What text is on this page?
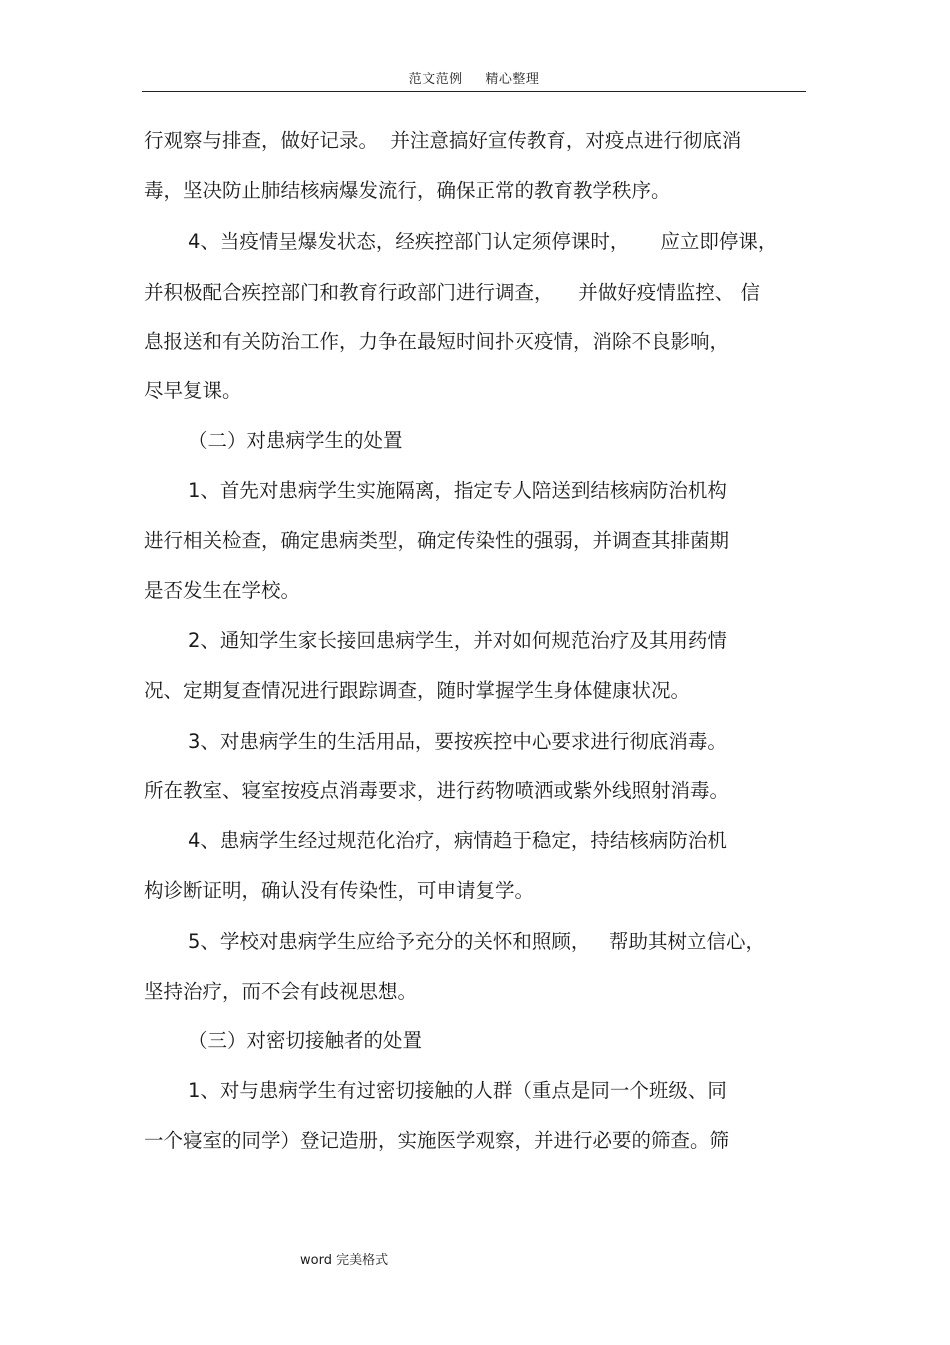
范文范例 精心整理
行观察与排查，做好记录。  并注意搞好宣传教育，对疫点进行彻底消
毒，坚决防止肺结核病爆发流行，确保正常的教育教学秩序。
4、当疫情呈爆发状态，经疾控部门认定须停课时，     应立即停课，
并积极配合疾控部门和教育行政部门进行调查，    并做好疫情监控、 信
息报送和有关防治工作，力争在最短时间扑灭疫情，消除不良影响，
尽早复课。
（二）对患病学生的处置
1、首先对患病学生实施隔离，指定专人陪送到结核病防治机构
进行相关检查，确定患病类型，确定传染性的强弱，并调查其排菌期
是否发生在学校。
2、通知学生家长接回患病学生，并对如何规范治疗及其用药情
况、定期复查情况进行跟踪调查，随时掌握学生身体健康状况。
3、对患病学生的生活用品，要按疾控中心要求进行彻底消毒。
所在教室、寝室按疫点消毒要求，进行药物喷洒或紫外线照射消毒。
4、患病学生经过规范化治疗，病情趋于稳定，持结核病防治机
构诊断证明，确认没有传染性，可申请复学。
5、学校对患病学生应给予充分的关怀和照顾，   帮助其树立信心，
坚持治疗，而不会有歧视思想。
（三）对密切接触者的处置
1、对与患病学生有过密切接触的人群（重点是同一个班级、同
一个寝室的同学）登记造册，实施医学观察，并进行必要的筛查。筛
word 完美格式
